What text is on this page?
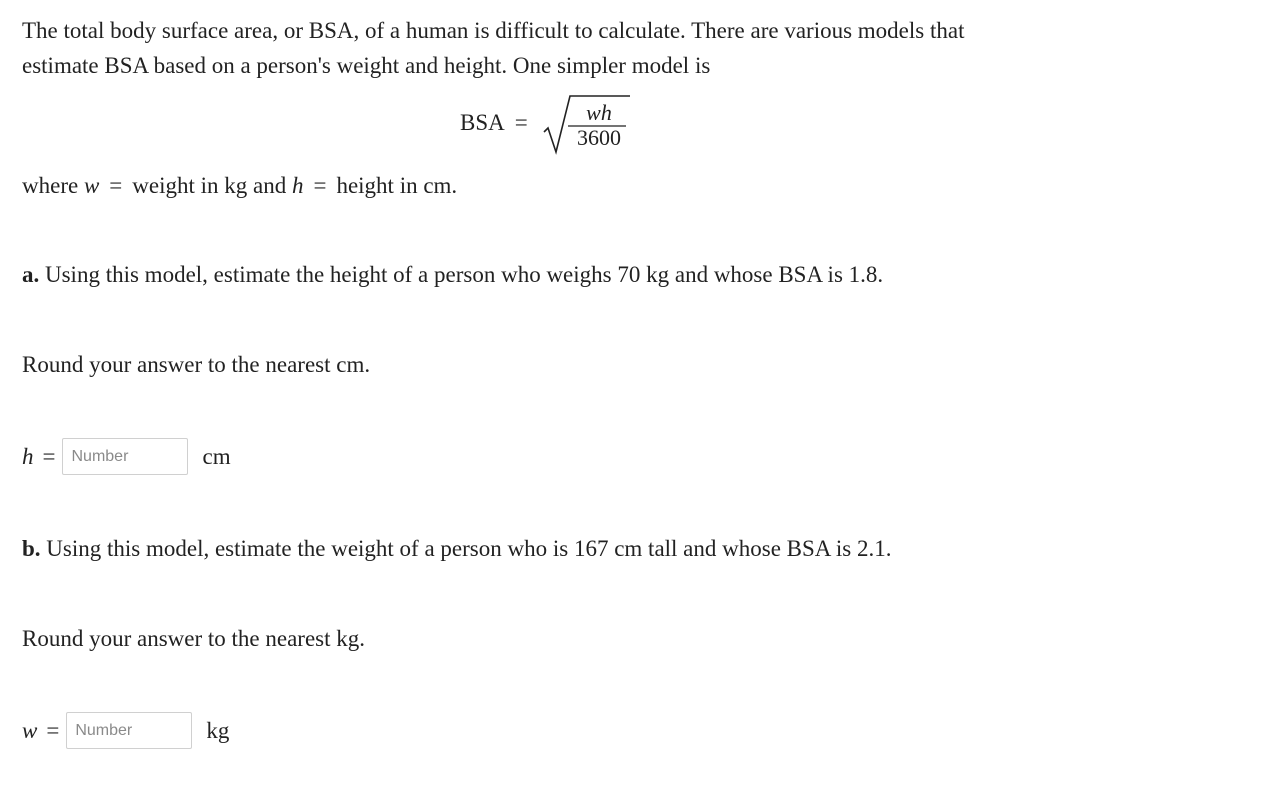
The total body surface area, or BSA, of a human is difficult to calculate. There are various models that
estimate BSA based on a person's weight and height. One simpler model is
BSA =	wh
3600
where w = weight in kg and h = height in cm.
a. Using this model, estimate the height of a person who weighs 70 kg and whose BSA is 1.8.
Round your answer to the nearest cm.
h =
Number	cm
b. Using this model, estimate the weight of a person who is 167 cm tall and whose BSA is 2.1.
Round your answer to the nearest kg.
w =
Number	kg
